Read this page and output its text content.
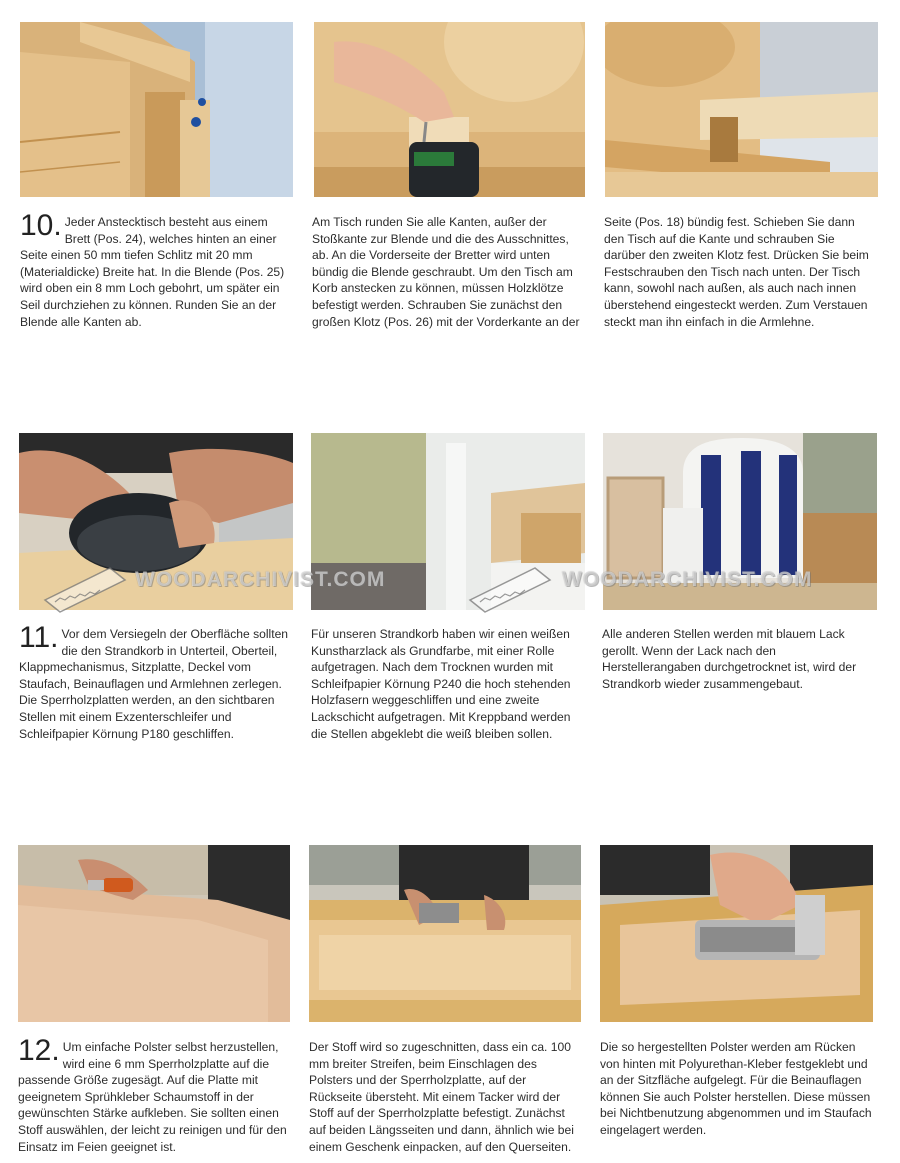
10. Jeder Anstecktisch besteht aus einem Brett (Pos. 24), welches hinten an einer Seite einen 50 mm tiefen Schlitz mit 20 mm (Materialdicke) Breite hat. In die Blende (Pos. 25) wird oben ein 8 mm Loch gebohrt, um später ein Seil durchziehen zu können. Runden Sie an der Blende alle Kanten ab.

Am Tisch runden Sie alle Kanten, außer der Stoßkante zur Blende und die des Ausschnittes, ab. An die Vorderseite der Bretter wird unten bündig die Blende geschraubt. Um den Tisch am Korb anstecken zu können, müssen Holzklötze befestigt werden. Schrauben Sie zunächst den großen Klotz (Pos. 26) mit der Vorderkante an der

Seite (Pos. 18) bündig fest. Schieben Sie dann den Tisch auf die Kante und schrauben Sie darüber den zweiten Klotz fest. Drücken Sie beim Festschrauben den Tisch nach unten. Der Tisch kann, sowohl nach außen, als auch nach innen überstehend eingesteckt werden. Zum Verstauen steckt man ihn einfach in die Armlehne.

WOODARCHIVIST.COM	WOODARCHIVIST.COM

11. Vor dem Versiegeln der Oberfläche sollten die den Strandkorb in Unterteil, Oberteil, Klappmechanismus, Sitzplatte, Deckel vom Staufach, Beinauflagen und Armlehnen zerlegen. Die Sperrholzplatten werden, an den sichtbaren Stellen mit einem Exzenterschleifer und Schleifpapier Körnung P180 geschliffen.

Für unseren Strandkorb haben wir einen weißen Kunstharzlack als Grundfarbe, mit einer Rolle aufgetragen. Nach dem Trocknen wurden mit Schleifpapier Körnung P240 die hoch stehenden Holzfasern weggeschliffen und eine zweite Lackschicht aufgetragen. Mit Kreppband werden die Stellen abgeklebt die weiß bleiben sollen.

Alle anderen Stellen werden mit blauem Lack gerollt. Wenn der Lack nach den Herstellerangaben durchgetrocknet ist, wird der Strandkorb wieder zusammengebaut.

12. Um einfache Polster selbst herzustellen, wird eine 6 mm Sperrholzplatte auf die passende Größe zugesägt. Auf die Platte mit geeignetem Sprühkleber Schaumstoff in der gewünschten Stärke aufkleben. Sie sollten einen Stoff auswählen, der leicht zu reinigen und für den Einsatz im Feien geeignet ist.

Der Stoff wird so zugeschnitten, dass ein ca. 100 mm breiter Streifen, beim Einschlagen des Polsters und der Sperrholzplatte, auf der Rückseite übersteht. Mit einem Tacker wird der Stoff auf der Sperrholzplatte befestigt. Zunächst auf beiden Längsseiten und dann, ähnlich wie bei einem Geschenk einpacken, auf den Querseiten.

Die so hergestellten Polster werden am Rücken von hinten mit Polyurethan-Kleber festgeklebt und an der Sitzfläche aufgelegt. Für die Beinauflagen können Sie auch Polster herstellen. Diese müssen bei Nichtbenutzung abgenommen und im Staufach eingelagert werden.
